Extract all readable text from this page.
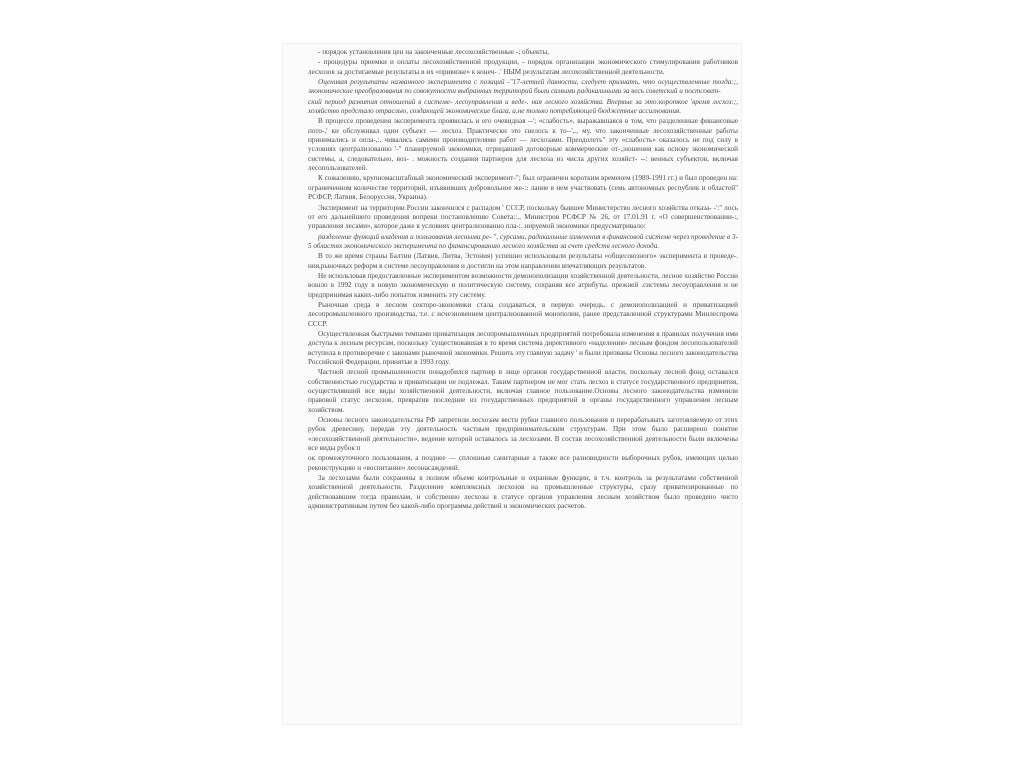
- порядок установления цен на законченные лесохозяйственные -; объекты,

- процедуры приемки и оплаты лесохозяйственной продукции, - порядок организации экономического стимулирования работников лесхозов за достигаемые результаты в их «привязке» к конеч- .' НЫМ результатам лесохозяйственной деятельности.

Оценивая результаты названного эксперимента с позиций -"17-летней давности, следует признать, что осуществленные тогда:;, экономические преобразования по совокупности выбранных территорий были самыми радикальными за весь советский и постсовет-

ский период развития отношений в системе- лесоуправления и веде-. ния лесного хозяйства. Впервые за это:короткое 'время лесхоз:;, хозяйство предстало отраслью, создающей экономические блага, а,не только потребляющей бюджетные ассигнования.

В процессе проведения эксперимента проявилась и его очевидная --'; «слабость», выражавшаяся в том, что разделенные финансовые пото-,' ки обслуживал один субъект — лесхоз. Практически это свелось к то--',., му, что законченные лесохозяйственные работы принимались и опла-,:. чивались самими производителями работ — лесхозами. Преодолеть" эту «слабость» оказалось не под силу в условиях централизованно '-" планируемой экономики, отрицавшей договорные коммерческие от-,;ношения как основу экономической системы, а, следовательно, воз- . можность создания партнеров для лесхоза из числа других хозяйст- --: венных субъектов, включая лесопользователей.

К сожалению, крупномасштабный экономический эксперимент-"; был ограничен коротким временем (1989-1991 гг.) и был проведен на: ограниченном количестве территорий, изъявивших добровольное же-:: лание в нем участвовать (семь автономных республик и областей" РСФСР, Латвия, Белоруссия, Украина).

Эксперимент на территории России закончился с распадом ' СССР, поскольку бывшее Министерство лесного хозяйства отказа- -':" лось от его дальнейшего проведения вопреки постановлению Совета::., Министров РСФСР № 26, от 17.01.91 г. «О совершенствовании-:, управления лесами», которое даже в условиях централизованно пла-:. нируемой экономики предусматривало:

разделение функций владения и пользования лесными ре- ", сурсами, радикальные изменения в финансовой системе через проведение в 3-5 областях экономического эксперимента по финансированию лесного хозяйства за счет средств лесного дохода.

В то же время страны Балтии (Латвия, Литва, Эстония) успешно использовали результаты «общесоюзного» эксперимента в проведе-. ния,рыночных реформ в системе лесоуправления и достигли на этом направлении впечатляющих результатов.

Не использовав предоставленные экспериментом возможности демонополизации хозяйственной деятельности, лесное хозяйство России вошло в 1992 году в новую экономическую и политическую систему, сохраняя все атрибуты. прежней .системы лесоуправления и не предпринимая каких-либо попыток изменить эту систему.

Рыночная среда в лесном секторе-экономики стала создаваться, в первую очередь, с демонополизацией и приватизацией лесопромышленного производства, т.е. с исчезновением централизованной монополии, ранее представленной структурами Минлеспрома СССР.

Осуществленная быстрыми темпами приватизация лесопромышленных предприятий потребовала изменения в правилах получения ими доступа к лесным ресурсам, поскольку 'существовавшая в то время система директивного «наделения» лесным фондом лесопользователей вступила в противоречие с законами рыночной экономики. Решить эту главную задачу ' и были призваны Основы лесного законодательства Российской Федерации, принятые в 1993 году.

Частной лесной промышленности понадобился партнер в лице органов государственной власти, поскольку лесной фонд оставался собственностью государства и приватизации не подлежал. Таким партнером не мог стать лесхоз в статусе государственного предприятия, осуществлявший все виды хозяйственной деятельности, включая главное пользование.Основы лесного законодательства изменили правовой статус лесхозов, превратив последние из государственных предприятий в органы государственного управления лесным хозяйством.

Основы лесного законодательства РФ запретили лесхозам вести рубки главного пользования и перерабатывать заготовляемую от этих рубок древесину, передав эту деятельность частным предпринимательским структурам. При этом было расширено понятие «лесохозяйственной деятельности», ведение которой оставалось за лесхозами. В состав лесохозяйственной деятельности были включены все виды рубок п

ок промежуточного пользования, а позднее — сплошные санитарные а также все разновидности выборочных рубок, имеющих целью реконструкцию и «воспитание» лесонасаждений.

За лесхозами были сохранены в полном объеме контрольные и охранные функции, в т.ч. контроль за результатами собственной хозяйственной деятельности. Разделение комплексных лесхозов на промышленные структуры, сразу приватизированные по действовавшим тогда правилам, и собственно лесхозы в статусе органов управления лесным хозяйством было проведено чисто административным путем без какой-либо программы действий и экономических расчетов.
